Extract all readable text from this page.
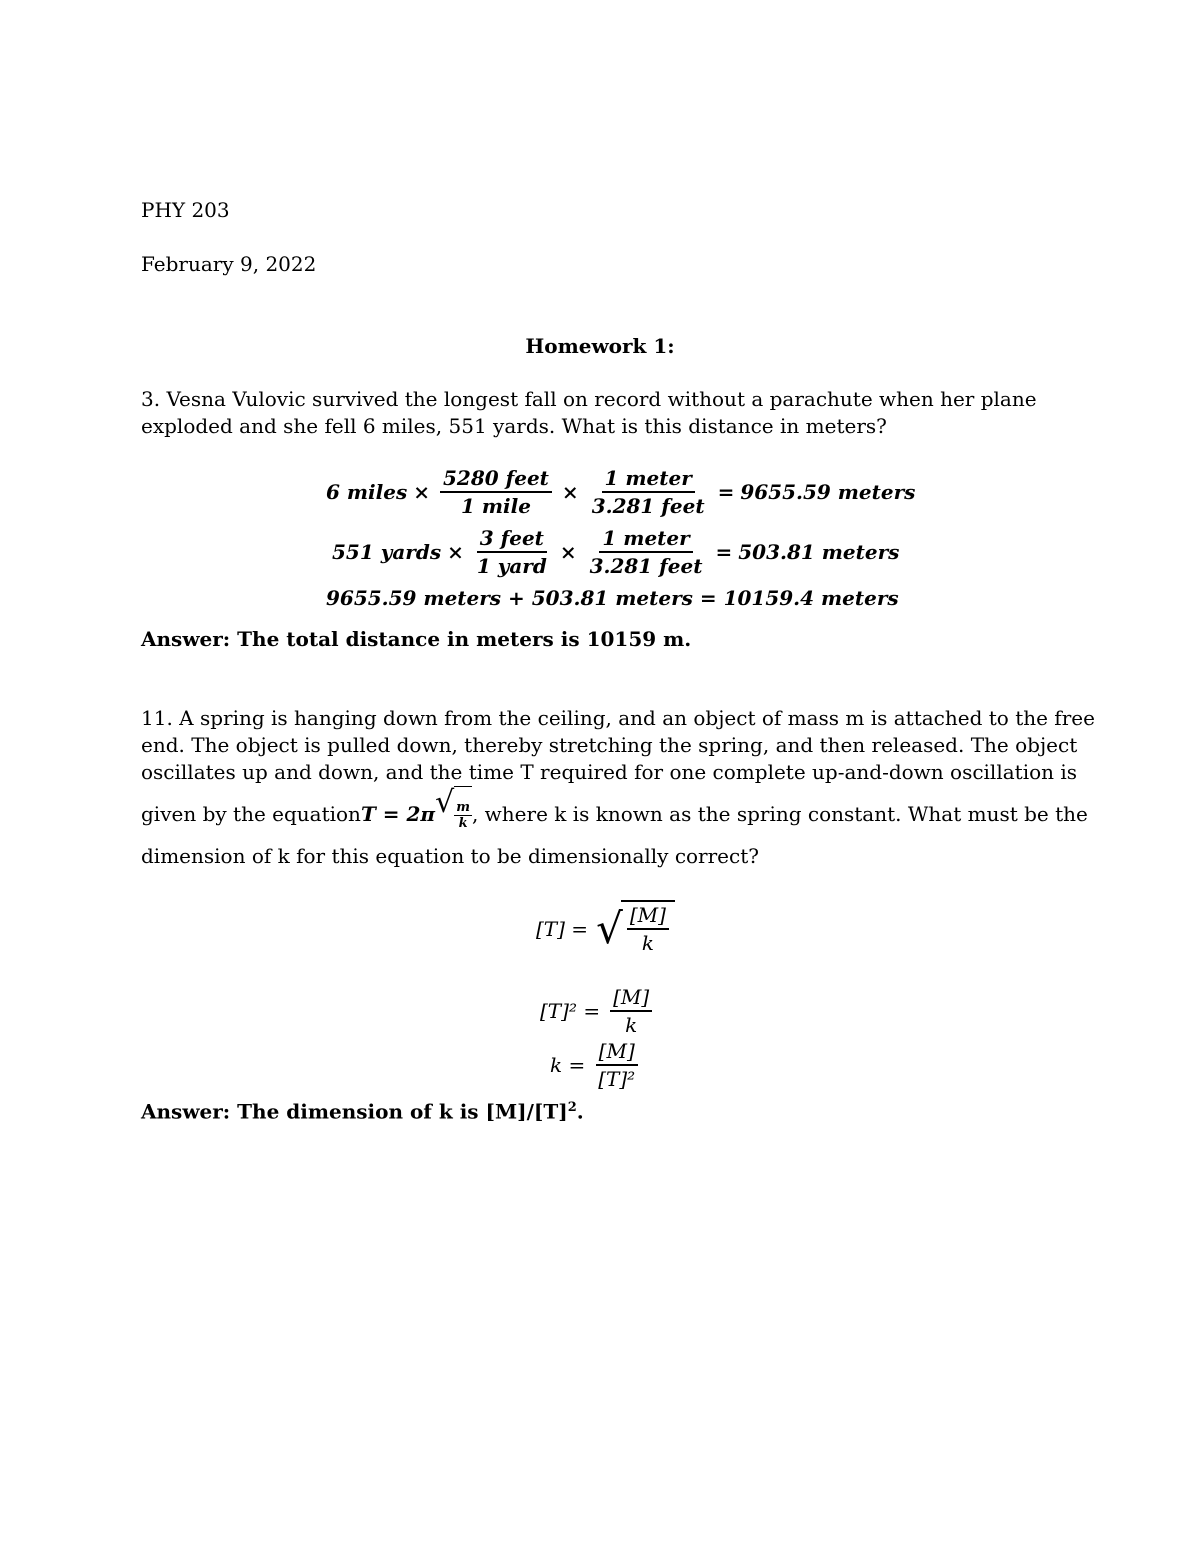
PHY 203
February 9, 2022
Homework 1:
3. Vesna Vulovic survived the longest fall on record without a parachute when her plane
exploded and she fell 6 miles, 551 yards. What is this distance in meters?
6 miles × $\frac{\text{5280 feet}}{\text{1 mile}} \times \frac{\text{1 meter}}{\text{3.281 feet}} = 9655.59$ meters
551 yards × $\frac{\text{3 feet}}{\text{1 yard}} \times \frac{\text{1 meter}}{\text{3.281 feet}} = 503.81$ meters
9655.59 meters + 503.81 meters = 10159.4 meters
Answer: The total distance in meters is 10159 m.
11. A spring is hanging down from the ceiling, and an object of mass m is attached to the free
end. The object is pulled down, thereby stretching the spring, and then released. The object
oscillates up and down, and the time T required for one complete up-and-down oscillation is
given by the equation T = 2π √ $\frac{m}{k}$ , where k is known as the spring constant. What must be the
dimension of k for this equation to be dimensionally correct?
[T] = √ $\frac{[M]}{k}$
$[T]^2 = \frac{[M]}{k}$
$k = \frac{[M]}{\text{[T]²}}$
Answer: The dimension of k is $[M]/[T]^2$.
